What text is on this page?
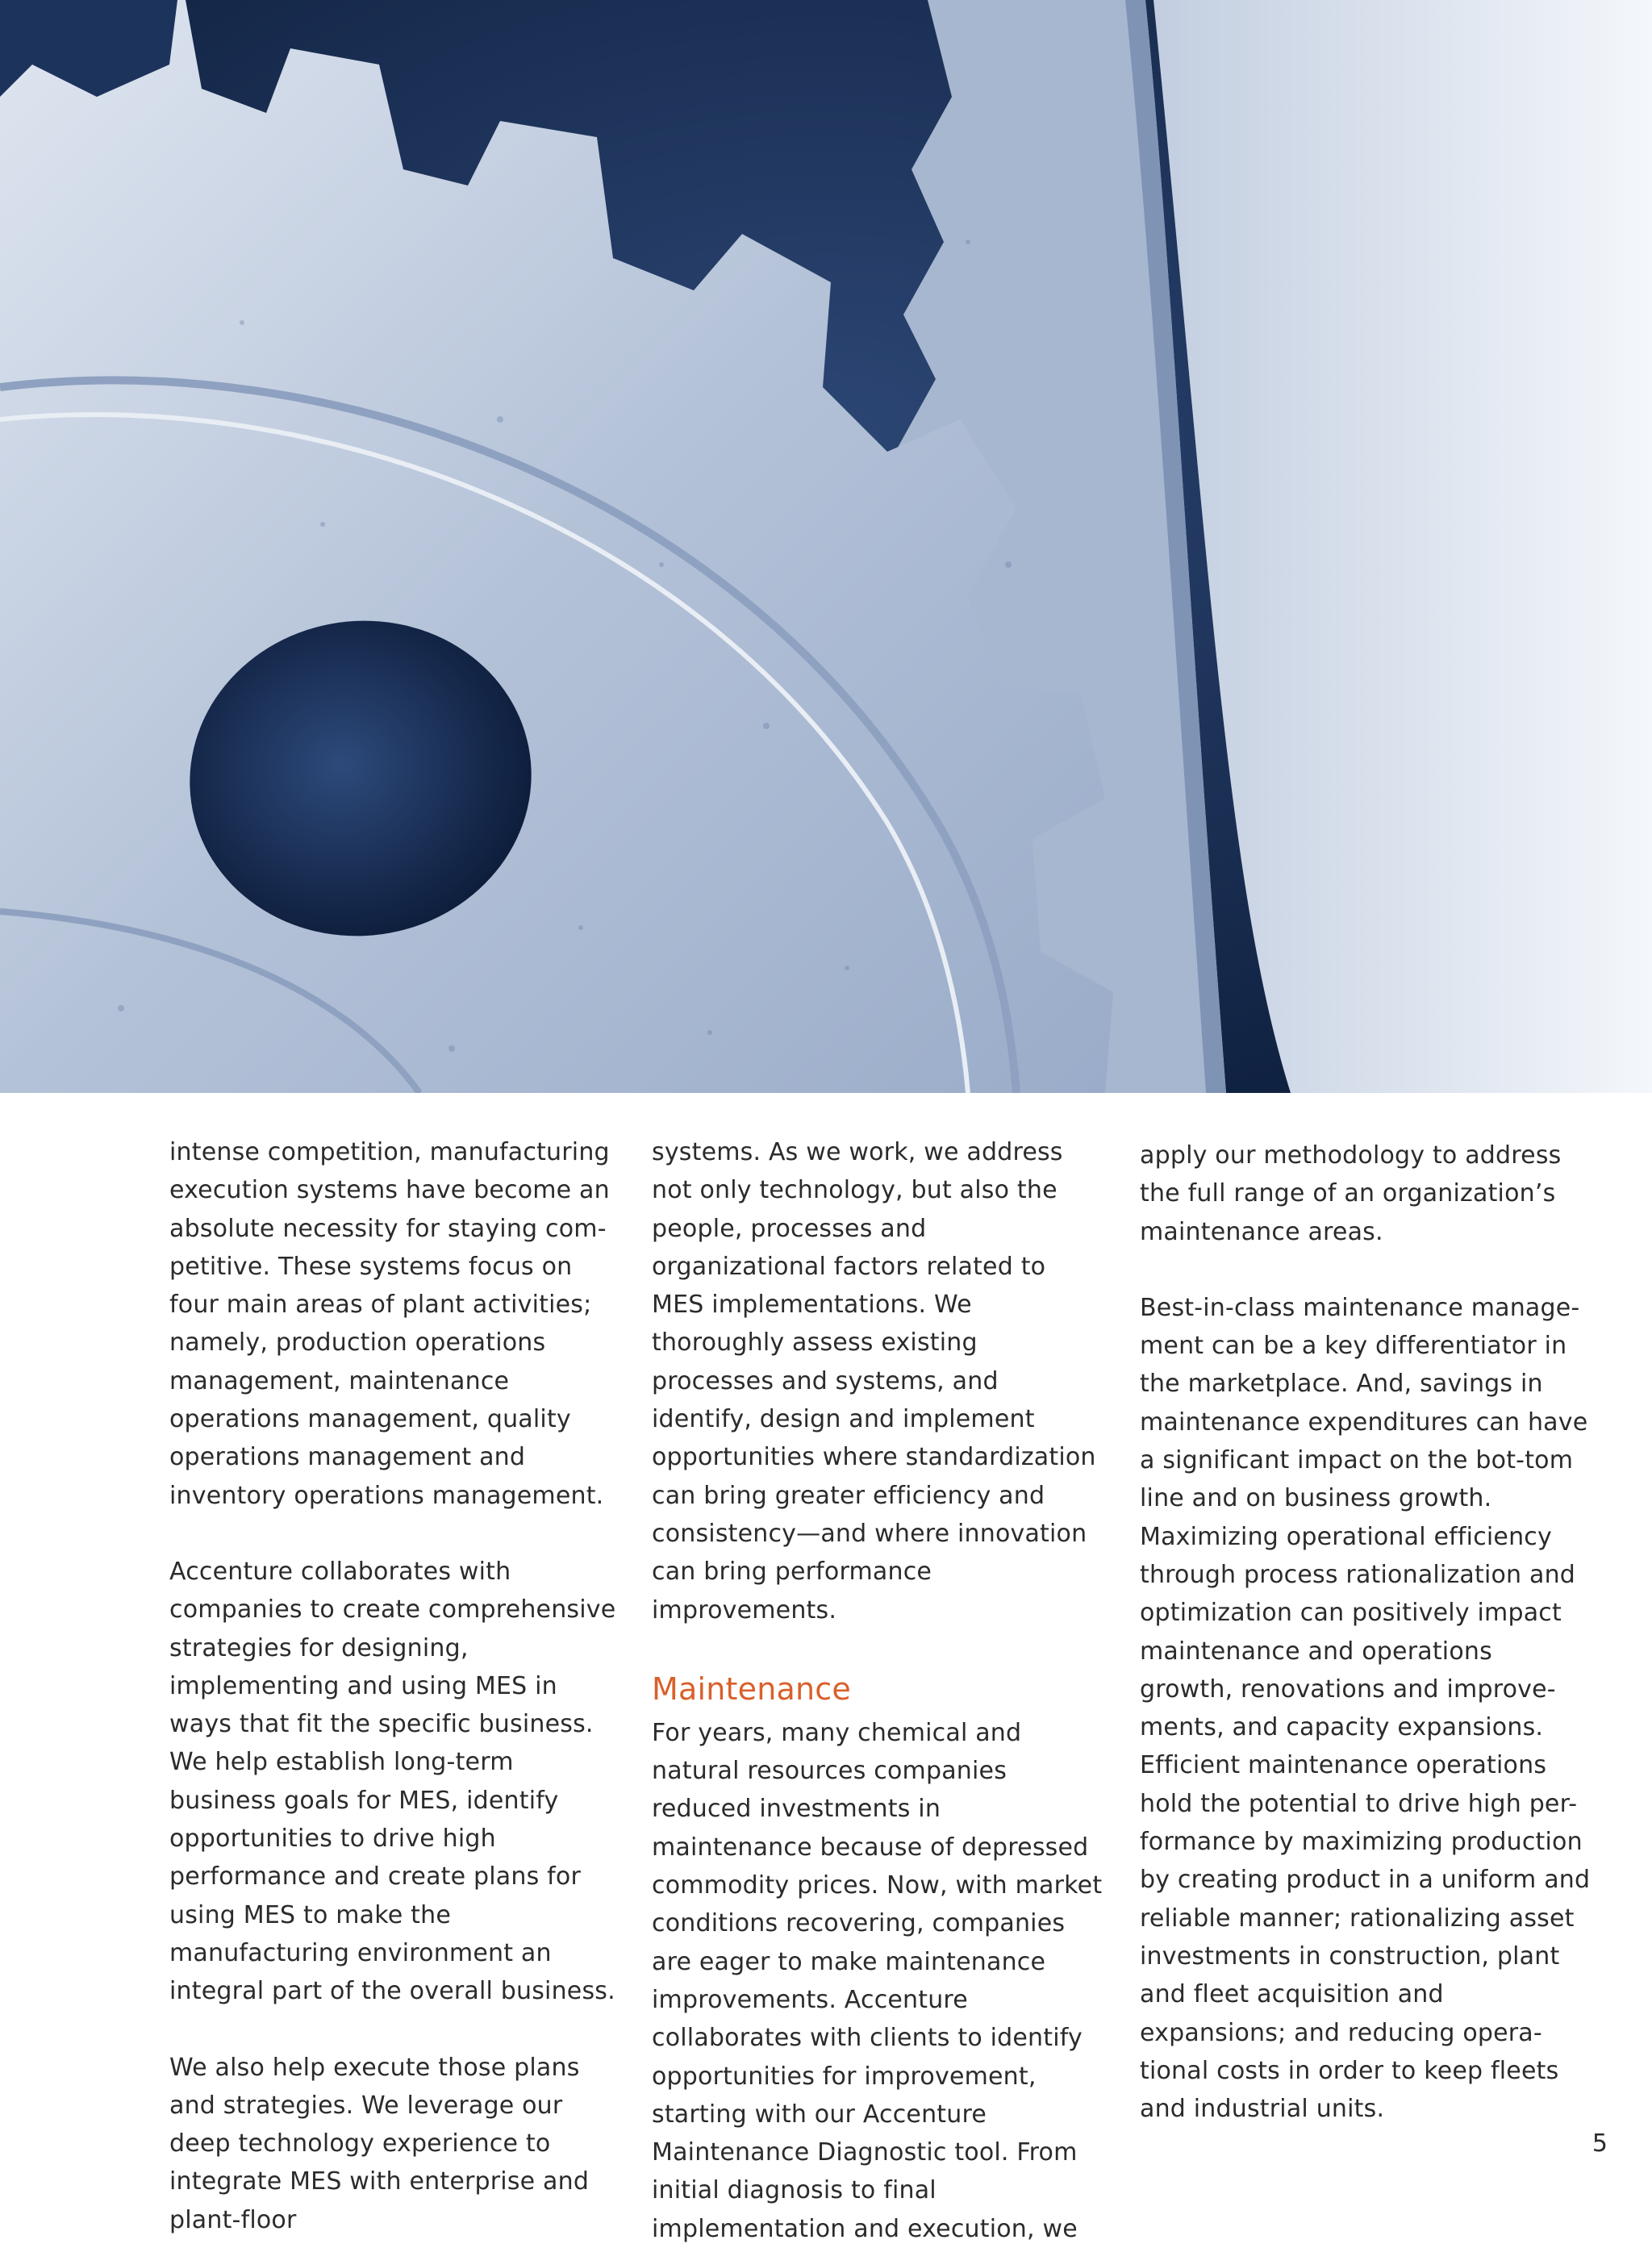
intense competition, manufacturing execution systems have become an absolute necessity for staying com-petitive. These systems focus on four main areas of plant activities; namely, production operations management, maintenance operations management, quality operations management and inventory operations management.

Accenture collaborates with companies to create comprehensive strategies for designing, implementing and using MES in ways that fit the specific business. We help establish long-term business goals for MES, identify opportunities to drive high performance and create plans for using MES to make the manufacturing environment an integral part of the overall business.

We also help execute those plans and strategies. We leverage our deep technology experience to integrate MES with enterprise and plant-floor

systems. As we work, we address not only technology, but also the people, processes and organizational factors related to MES implementations. We thoroughly assess existing processes and systems, and identify, design and implement opportunities where standardization can bring greater efficiency and consistency—and where innovation can bring performance improvements.

Maintenance

For years, many chemical and natural resources companies reduced investments in maintenance because of depressed commodity prices. Now, with market conditions recovering, companies are eager to make maintenance improvements. Accenture collaborates with clients to identify opportunities for improvement, starting with our Accenture Maintenance Diagnostic tool. From initial diagnosis to final implementation and execution, we

apply our methodology to address the full range of an organization’s maintenance areas.

Best-in-class maintenance manage-ment can be a key differentiator in the marketplace. And, savings in maintenance expenditures can have a significant impact on the bot-tom line and on business growth. Maximizing operational efficiency through process rationalization and optimization can positively impact maintenance and operations growth, renovations and improve-ments, and capacity expansions. Efficient maintenance operations hold the potential to drive high per-formance by maximizing production by creating product in a uniform and reliable manner; rationalizing asset investments in construction, plant and fleet acquisition and expansions; and reducing opera-tional costs in order to keep fleets and industrial units.

5
